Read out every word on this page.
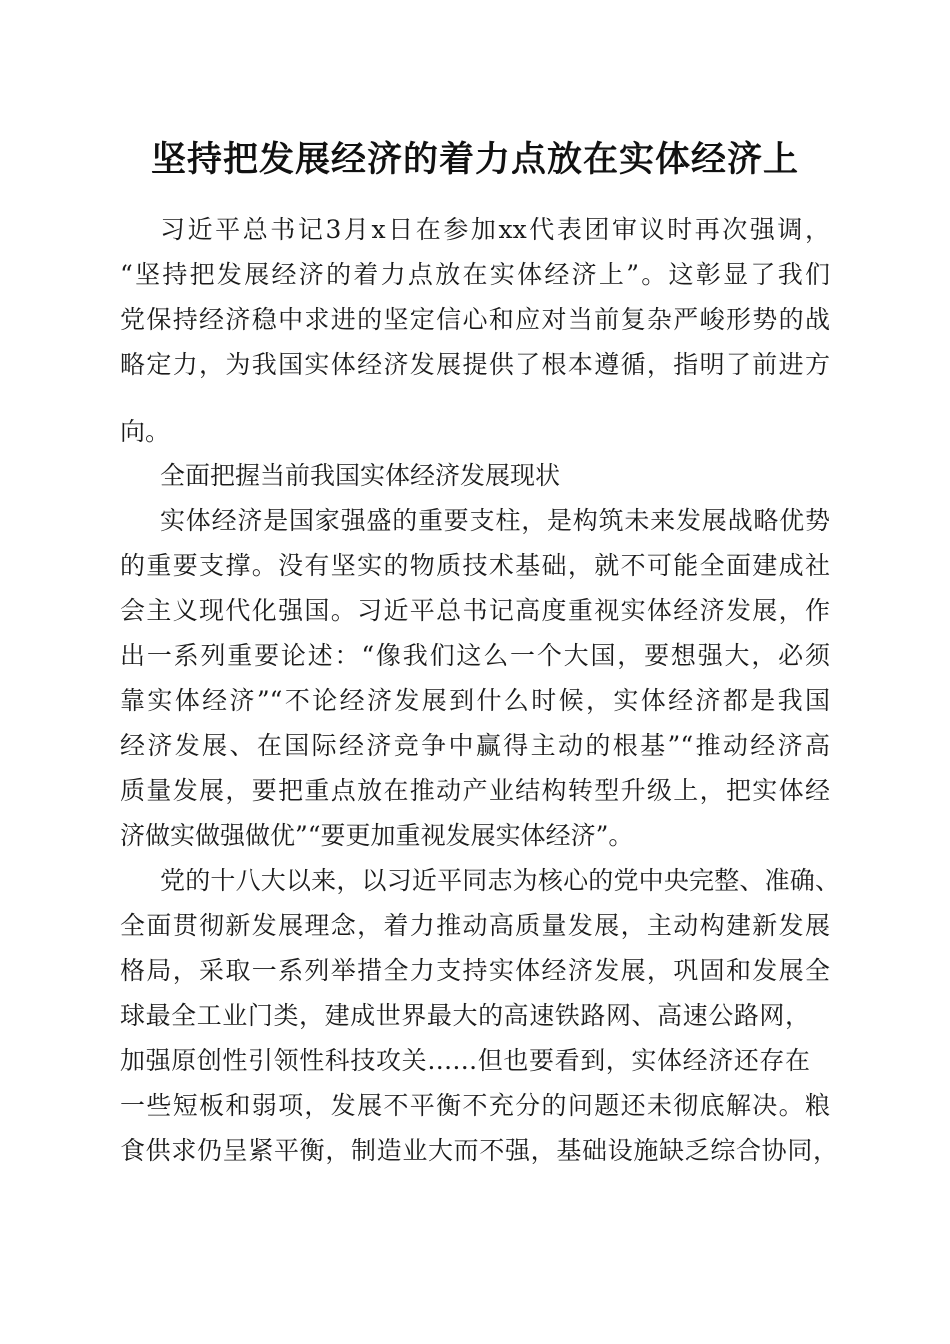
坚持把发展经济的着力点放在实体经济上
习近平总书记3月x日在参加xx代表团审议时再次强调，
“坚持把发展经济的着力点放在实体经济上”。这彰显了我们
党保持经济稳中求进的坚定信心和应对当前复杂严峻形势的战
略定力，为我国实体经济发展提供了根本遵循，指明了前进方
向。
全面把握当前我国实体经济发展现状
实体经济是国家强盛的重要支柱，是构筑未来发展战略优势
的重要支撑。没有坚实的物质技术基础，就不可能全面建成社
会主义现代化强国。习近平总书记高度重视实体经济发展，作
出一系列重要论述：“像我们这么一个大国，要想强大，必须
靠实体经济”“不论经济发展到什么时候，实体经济都是我国
经济发展、在国际经济竞争中赢得主动的根基”“推动经济高
质量发展，要把重点放在推动产业结构转型升级上，把实体经
济做实做强做优”“要更加重视发展实体经济”。
党的十八大以来，以习近平同志为核心的党中央完整、准确、
全面贯彻新发展理念，着力推动高质量发展，主动构建新发展
格局，采取一系列举措全力支持实体经济发展，巩固和发展全
球最全工业门类，建成世界最大的高速铁路网、高速公路网，
加强原创性引领性科技攻关……但也要看到，实体经济还存在
一些短板和弱项，发展不平衡不充分的问题还未彻底解决。粮
食供求仍呈紧平衡，制造业大而不强，基础设施缺乏综合协同，
